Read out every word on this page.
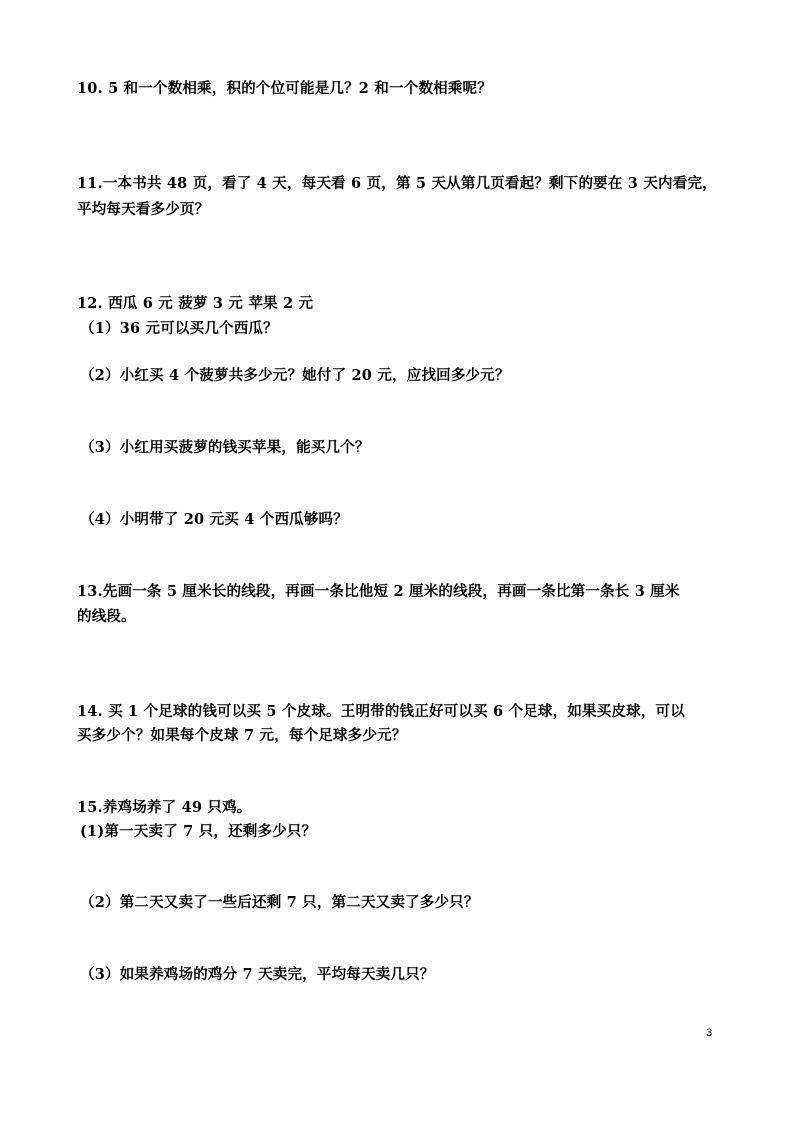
10. 5 和一个数相乘，积的个位可能是几？2 和一个数相乘呢？
11.一本书共 48 页，看了 4 天，每天看 6 页，第 5 天从第几页看起？剩下的要在 3 天内看完，
平均每天看多少页？
12. 西瓜 6 元 菠萝 3 元 苹果 2 元
（1）36 元可以买几个西瓜？
（2）小红买 4 个菠萝共多少元？她付了 20 元，应找回多少元？
（3）小红用买菠萝的钱买苹果，能买几个？
（4）小明带了 20 元买 4 个西瓜够吗？
13.先画一条 5 厘米长的线段，再画一条比他短 2 厘米的线段，再画一条比第一条长 3 厘米
的线段。
14. 买 1 个足球的钱可以买 5 个皮球。王明带的钱正好可以买 6 个足球，如果买皮球，可以
买多少个？如果每个皮球 7 元，每个足球多少元？
15.养鸡场养了 49 只鸡。
(1)第一天卖了 7 只，还剩多少只？
（2）第二天又卖了一些后还剩 7 只，第二天又卖了多少只？
（3）如果养鸡场的鸡分 7 天卖完，平均每天卖几只？
3
